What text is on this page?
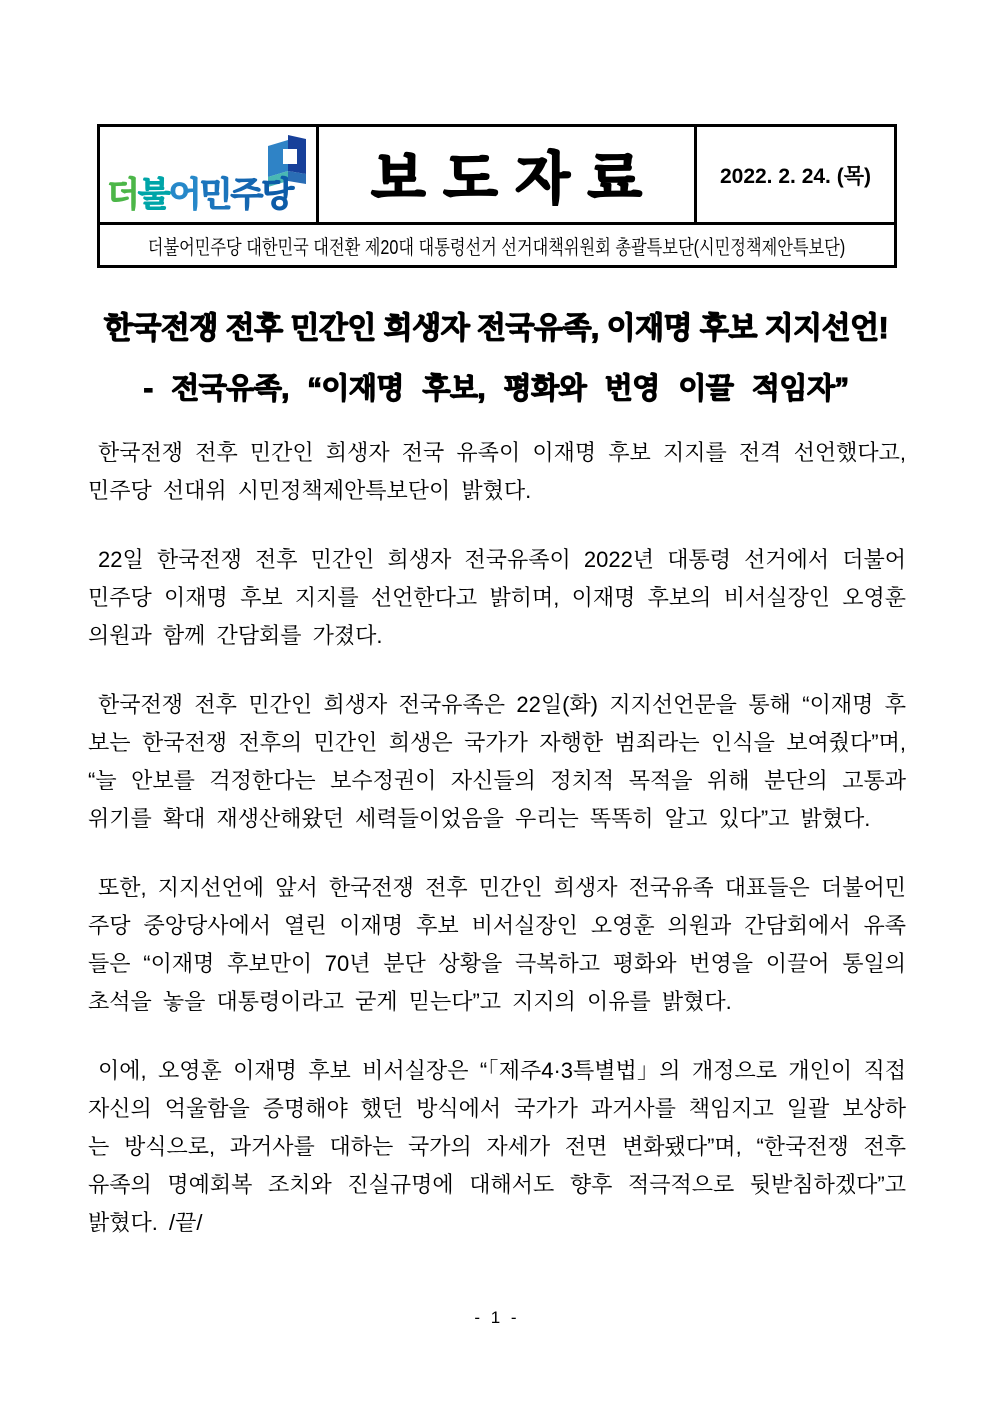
더불어민주당 보도자료	2022. 2. 24. (목)
더불어민주당 대한민국 대전환 제20대 대통령선거 선거대책위원회 총괄특보단(시민정책제안특보단)
한국전쟁 전후 민간인 희생자 전국유족, 이재명 후보 지지선언!
- 전국유족, “이재명 후보, 평화와 번영 이끌 적임자”

한국전쟁 전후 민간인 희생자 전국 유족이 이재명 후보 지지를 전격 선언했다고, 민주당 선대위 시민정책제안특보단이 밝혔다.

22일 한국전쟁 전후 민간인 희생자 전국유족이 2022년 대통령 선거에서 더불어민주당 이재명 후보 지지를 선언한다고 밝히며, 이재명 후보의 비서실장인 오영훈 의원과 함께 간담회를 가졌다.

한국전쟁 전후 민간인 희생자 전국유족은 22일(화) 지지선언문을 통해 “이재명 후보는 한국전쟁 전후의 민간인 희생은 국가가 자행한 범죄라는 인식을 보여줬다”며, “늘 안보를 걱정한다는 보수정권이 자신들의 정치적 목적을 위해 분단의 고통과 위기를 확대 재생산해왔던 세력들이었음을 우리는 똑똑히 알고 있다”고 밝혔다.

또한, 지지선언에 앞서 한국전쟁 전후 민간인 희생자 전국유족 대표들은 더불어민주당 중앙당사에서 열린 이재명 후보 비서실장인 오영훈 의원과 간담회에서 유족들은 “이재명 후보만이 70년 분단 상황을 극복하고 평화와 번영을 이끌어 통일의 초석을 놓을 대통령이라고 굳게 믿는다”고 지지의 이유를 밝혔다.

이에, 오영훈 이재명 후보 비서실장은 “「제주4·3특별법」의 개정으로 개인이 직접 자신의 억울함을 증명해야 했던 방식에서 국가가 과거사를 책임지고 일괄 보상하는 방식으로, 과거사를 대하는 국가의 자세가 전면 변화됐다”며, “한국전쟁 전후 유족의 명예회복 조치와 진실규명에 대해서도 향후 적극적으로 뒷받침하겠다”고 밝혔다. /끝/

- 1 -
